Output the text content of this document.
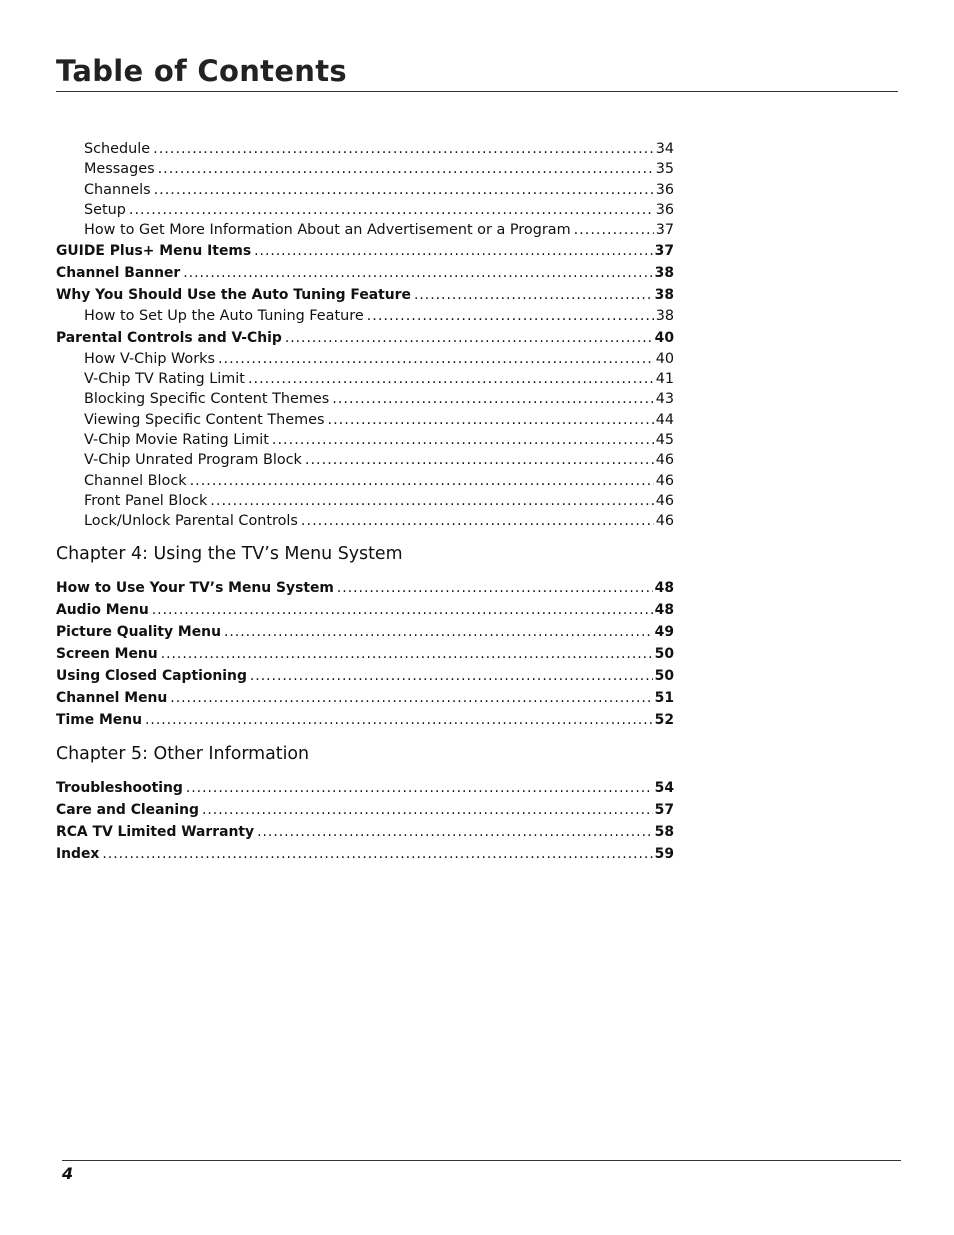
Table of Contents
Schedule .....	34
Messages .....	35
Channels .....	36
Setup .....	36
How to Get More Information About an Advertisement or a Program .....	37
GUIDE Plus+ Menu Items .....	37
Channel Banner .....	38
Why You Should Use the Auto Tuning Feature .....	38
How to Set Up the Auto Tuning Feature .....	38
Parental Controls and V-Chip .....	40
How V-Chip Works .....	40
V-Chip TV Rating Limit .....	41
Blocking Specific Content Themes .....	43
Viewing Specific Content Themes .....	44
V-Chip Movie Rating Limit .....	45
V-Chip Unrated Program Block .....	46
Channel Block .....	46
Front Panel Block .....	46
Lock/Unlock Parental Controls .....	46
Chapter 4: Using the TV’s Menu System
How to Use Your TV’s Menu System .....	48
Audio Menu .....	48
Picture Quality Menu .....	49
Screen Menu .....	50
Using Closed Captioning .....	50
Channel Menu .....	51
Time Menu .....	52
Chapter 5: Other Information
Troubleshooting .....	54
Care and Cleaning .....	57
RCA TV Limited Warranty .....	58
Index .....	59
4
